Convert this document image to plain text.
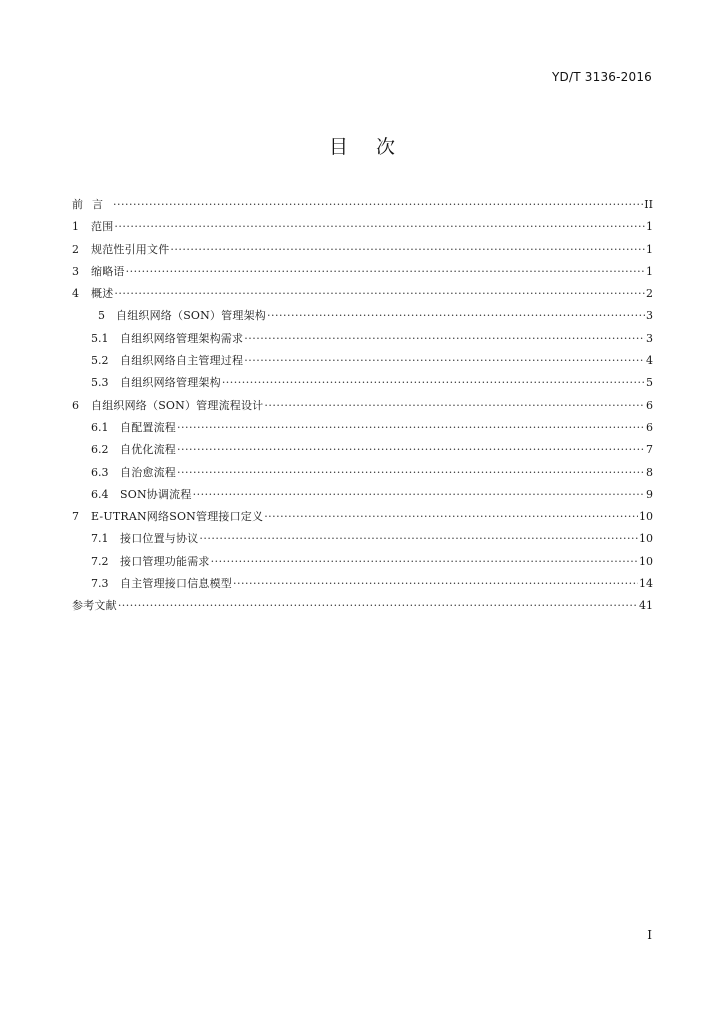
YD/T 3136-2016
目次
前言 ·····	II
1	范围 ·····	1
2	规范性引用文件 ·····	1
3	缩略语 ·····	1
4	概述 ·····	2
5	自组织网络（SON）管理架构 ·····	3
5.1	自组织网络管理架构需求 ·····	3
5.2	自组织网络自主管理过程 ·····	4
5.3	自组织网络管理架构 ·····	5
6	自组织网络（SON）管理流程设计 ·····	6
6.1	自配置流程 ·····	6
6.2	自优化流程 ·····	7
6.3	自治愈流程 ·····	8
6.4	SON协调流程 ·····	9
7	E-UTRAN网络SON管理接口定义 ·····	10
7.1	接口位置与协议 ·····	10
7.2	接口管理功能需求 ·····	10
7.3	自主管理接口信息模型 ·····	14
参考文献 ·····	41
I
